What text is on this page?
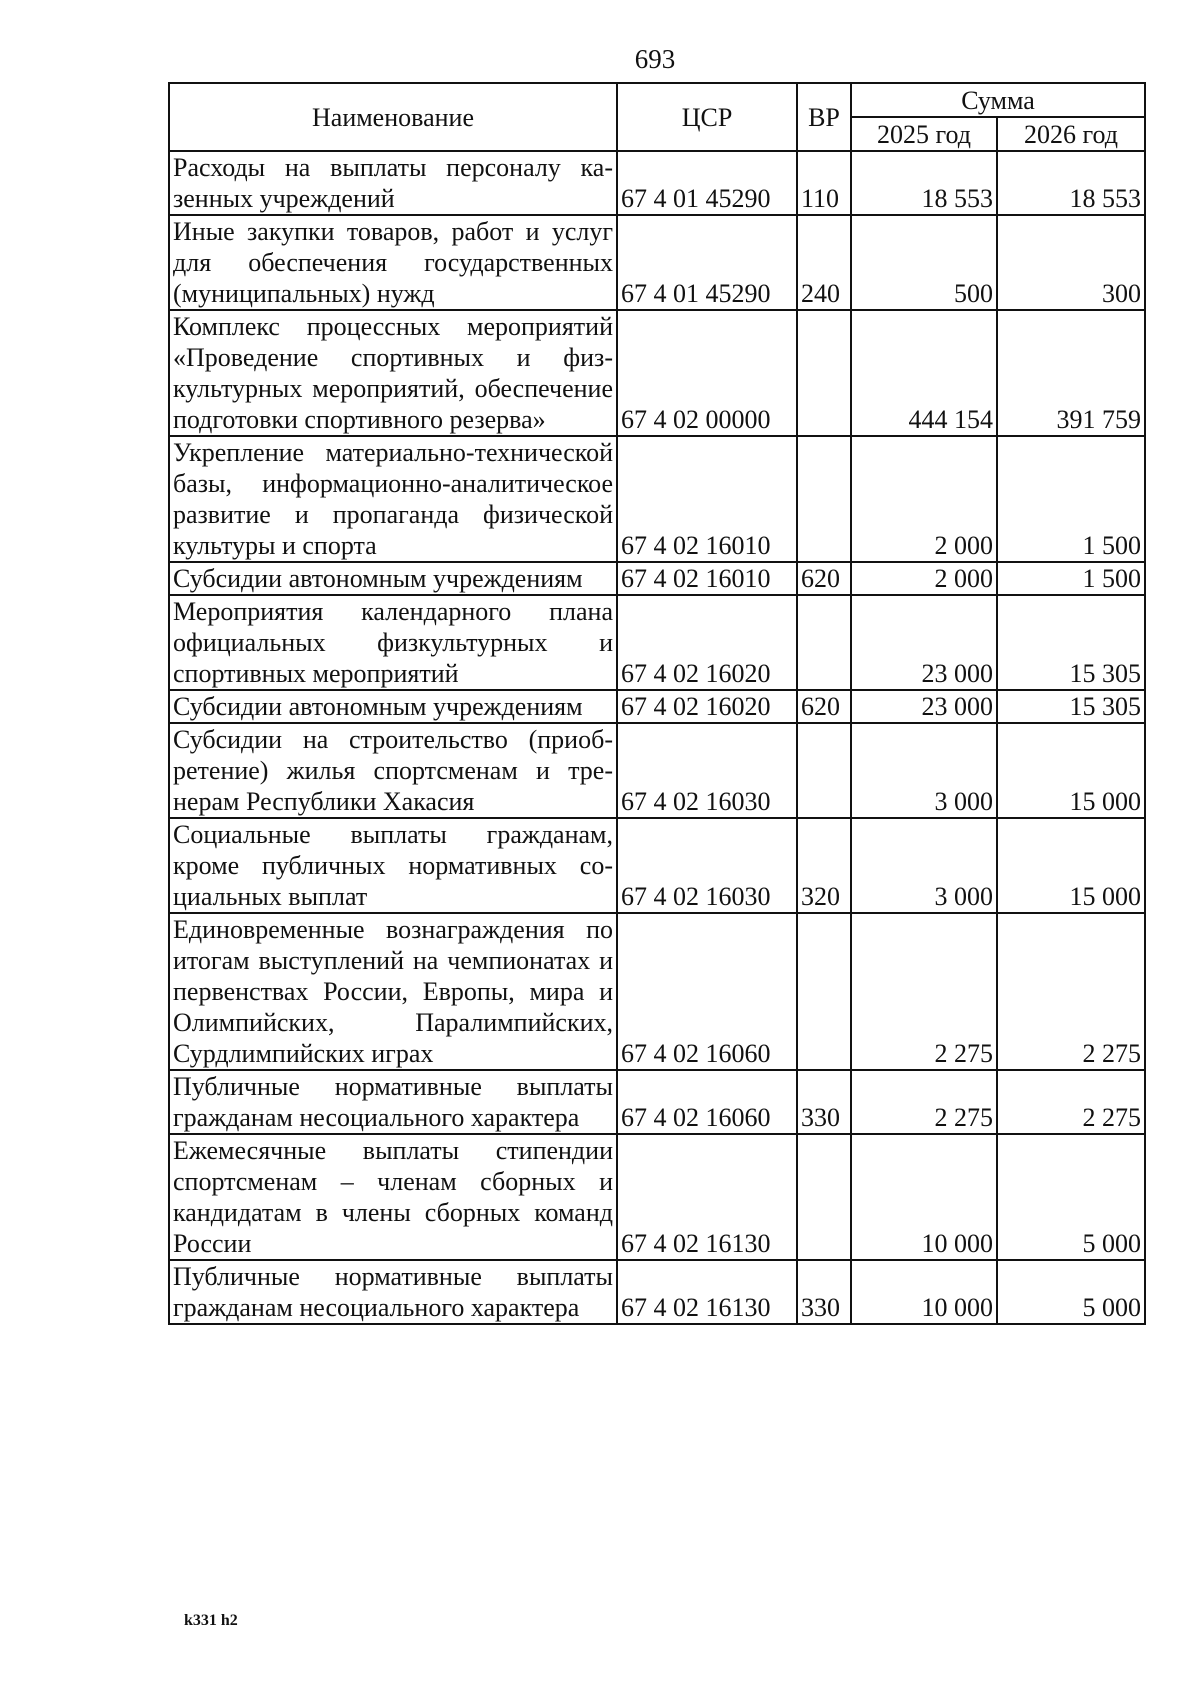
693
Наименование	ЦСР	ВР	Сумма	
			2025 год	2026 год
Расходы на выплаты персоналу казенных учреждений	67 4 01 45290	110	18 553	18 553
Иные закупки товаров, работ и услуг для обеспечения государственных (муниципальных) нужд	67 4 01 45290	240	500	300
Комплекс процессных мероприятий «Проведение спортивных и физкультурных мероприятий, обеспечение подготовки спортивного резерва»	67 4 02 00000		444 154	391 759
Укрепление материально-технической базы, информационно-аналитическое развитие и пропаганда физической культуры и спорта	67 4 02 16010		2 000	1 500
Субсидии автономным учреждениям	67 4 02 16010	620	2 000	1 500
Мероприятия календарного плана официальных физкультурных и спортивных мероприятий	67 4 02 16020		23 000	15 305
Субсидии автономным учреждениям	67 4 02 16020	620	23 000	15 305
Субсидии на строительство (приобретение) жилья спортсменам и тренерам Республики Хакасия	67 4 02 16030		3 000	15 000
Социальные выплаты гражданам, кроме публичных нормативных социальных выплат	67 4 02 16030	320	3 000	15 000
Единовременные вознаграждения по итогам выступлений на чемпионатах и первенствах России, Европы, мира и Олимпийских, Паралимпийских, Сурдлимпийских играх	67 4 02 16060		2 275	2 275
Публичные нормативные выплаты гражданам несоциального характера	67 4 02 16060	330	2 275	2 275
Ежемесячные выплаты стипендии спортсменам – членам сборных и кандидатам в члены сборных команд России	67 4 02 16130		10 000	5 000
Публичные нормативные выплаты гражданам несоциального характера	67 4 02 16130	330	10 000	5 000
k331 h2
